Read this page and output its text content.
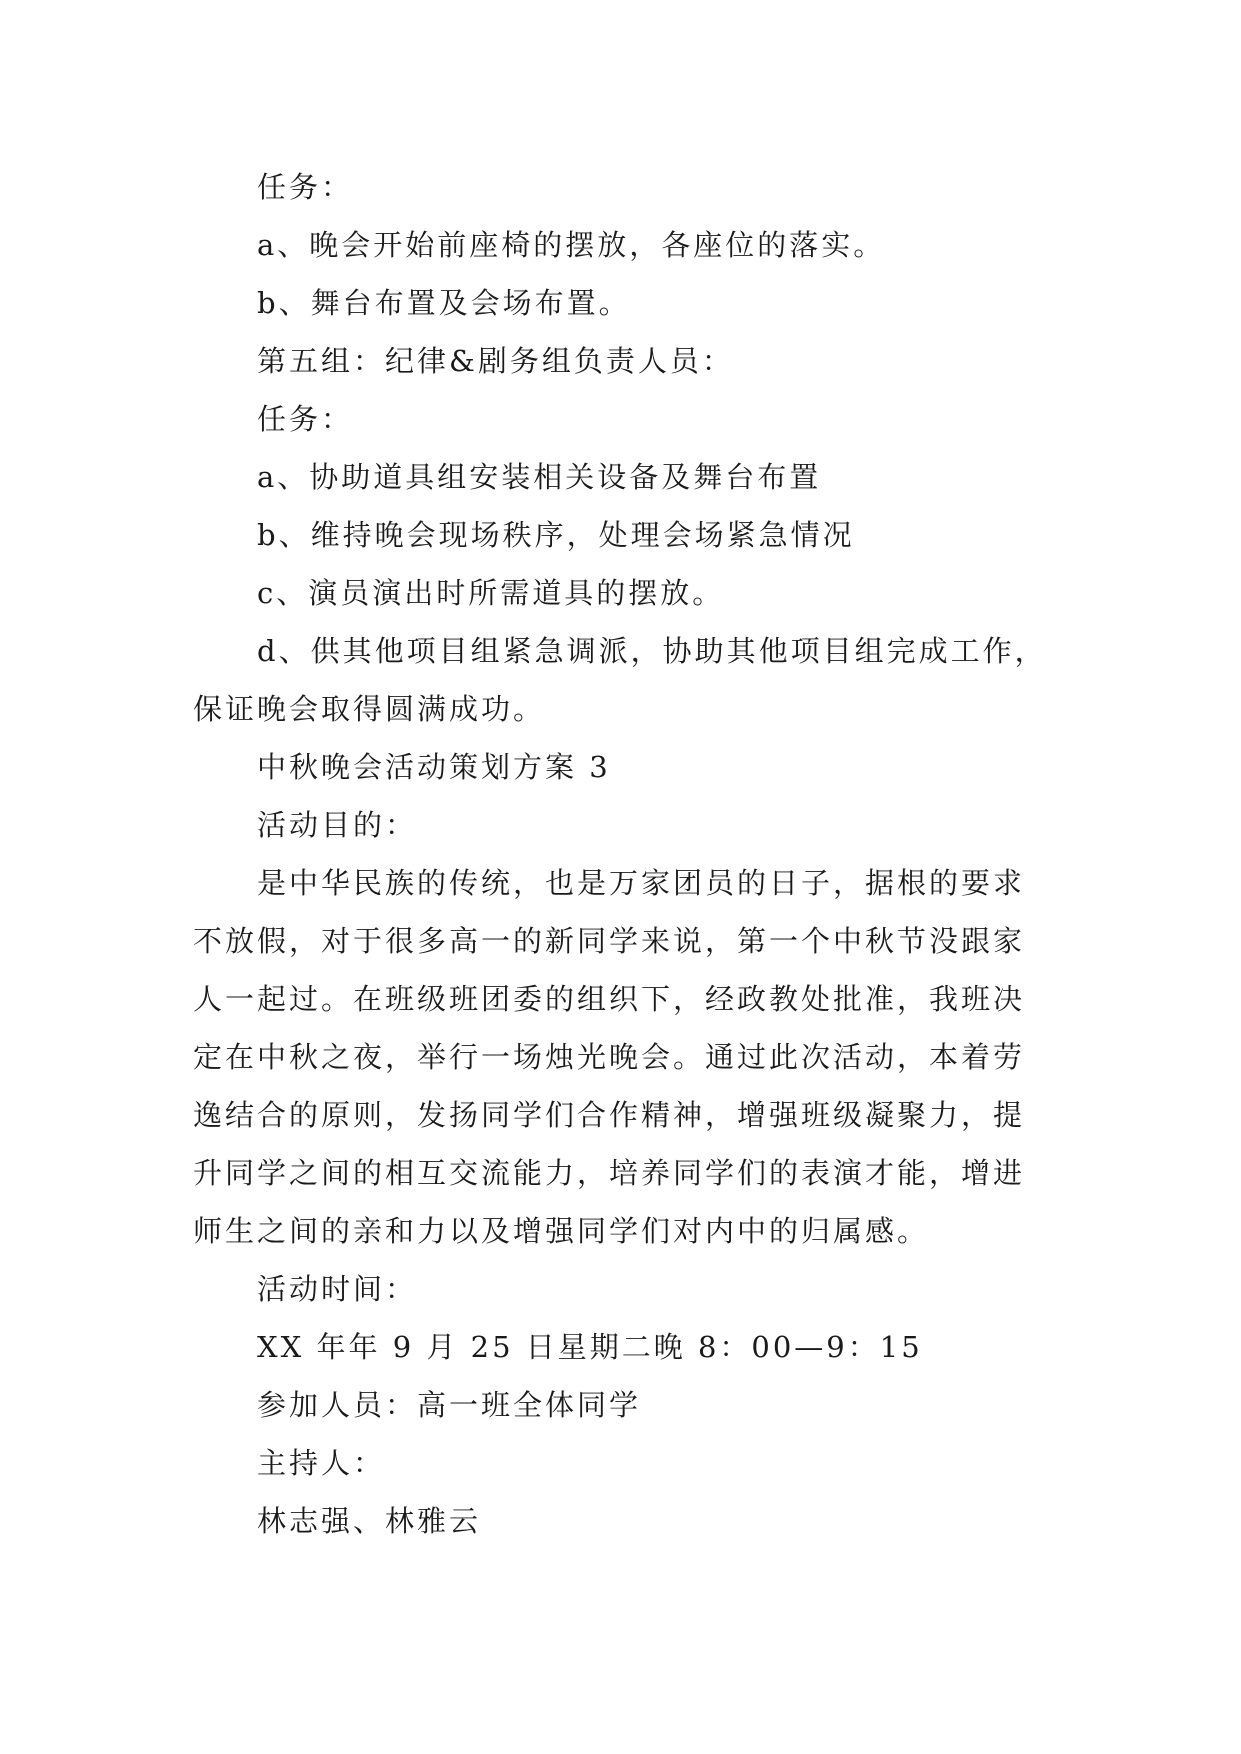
任务：
a、晚会开始前座椅的摆放，各座位的落实。
b、舞台布置及会场布置。
第五组：纪律&剧务组负责人员：
任务：
a、协助道具组安装相关设备及舞台布置
b、维持晚会现场秩序，处理会场紧急情况
c、演员演出时所需道具的摆放。
d、供其他项目组紧急调派，协助其他项目组完成工作，
保证晚会取得圆满成功。
中秋晚会活动策划方案 3
活动目的：
是中华民族的传统，也是万家团员的日子，据根的要求
不放假，对于很多高一的新同学来说，第一个中秋节没跟家
人一起过。在班级班团委的组织下，经政教处批准，我班决
定在中秋之夜，举行一场烛光晚会。通过此次活动，本着劳
逸结合的原则，发扬同学们合作精神，增强班级凝聚力，提
升同学之间的相互交流能力，培养同学们的表演才能，增进
师生之间的亲和力以及增强同学们对内中的归属感。
活动时间：
XX 年年 9 月 25 日星期二晚 8：00—9：15
参加人员：高一班全体同学
主持人：
林志强、林雅云
